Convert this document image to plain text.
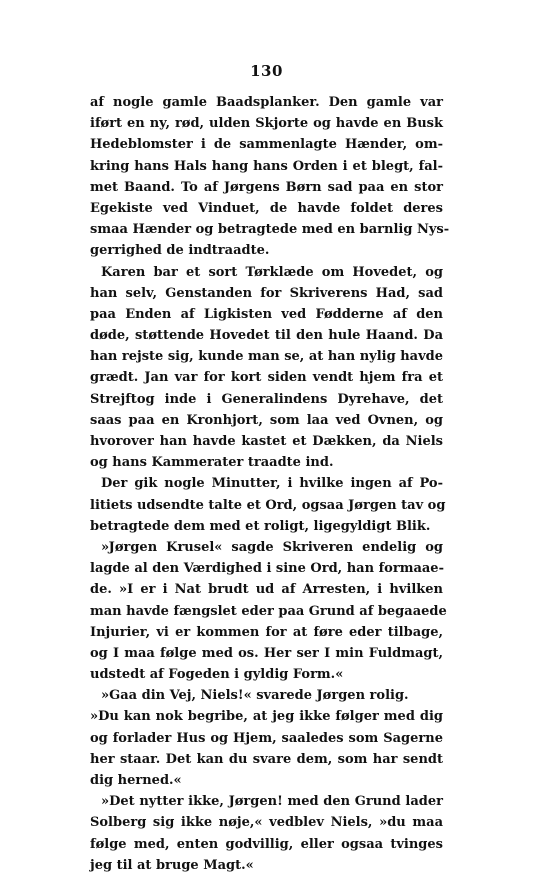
130
af nogle gamle Baadsplanker. Den gamle var
iført en ny, rød, ulden Skjorte og havde en Busk
Hedeblomster i de sammenlagte Hænder, om-
kring hans Hals hang hans Orden i et blegt, fal-
met Baand. To af Jørgens Børn sad paa en stor
Egekiste ved Vinduet, de havde foldet deres
smaa Hænder og betragtede med en barnlig Nys-
gerrighed de indtraadte.
Karen bar et sort Tørklæde om Hovedet, og
han selv, Genstanden for Skriverens Had, sad
paa Enden af Ligkisten ved Fødderne af den
døde, støttende Hovedet til den hule Haand. Da
han rejste sig, kunde man se, at han nylig havde
grædt. Jan var for kort siden vendt hjem fra et
Strejftog inde i Generalindens Dyrehave, det
saas paa en Kronhjort, som laa ved Ovnen, og
hvorover han havde kastet et Dækken, da Niels
og hans Kammerater traadte ind.
Der gik nogle Minutter, i hvilke ingen af Po-
litiets udsendte talte et Ord, ogsaa Jørgen tav og
betragtede dem med et roligt, ligegyldigt Blik.
»Jørgen Krusel« sagde Skriveren endelig og
lagde al den Værdighed i sine Ord, han formaae-
de. »I er i Nat brudt ud af Arresten, i hvilken
man havde fængslet eder paa Grund af begaaede
Injurier, vi er kommen for at føre eder tilbage,
og I maa følge med os. Her ser I min Fuldmagt,
udstedt af Fogeden i gyldig Form.«
»Gaa din Vej, Niels!« svarede Jørgen rolig.
»Du kan nok begribe, at jeg ikke følger med dig
og forlader Hus og Hjem, saaledes som Sagerne
her staar. Det kan du svare dem, som har sendt
dig herned.«
»Det nytter ikke, Jørgen! med den Grund lader
Solberg sig ikke nøje,« vedblev Niels, »du maa
følge med, enten godvillig, eller ogsaa tvinges
jeg til at bruge Magt.«
